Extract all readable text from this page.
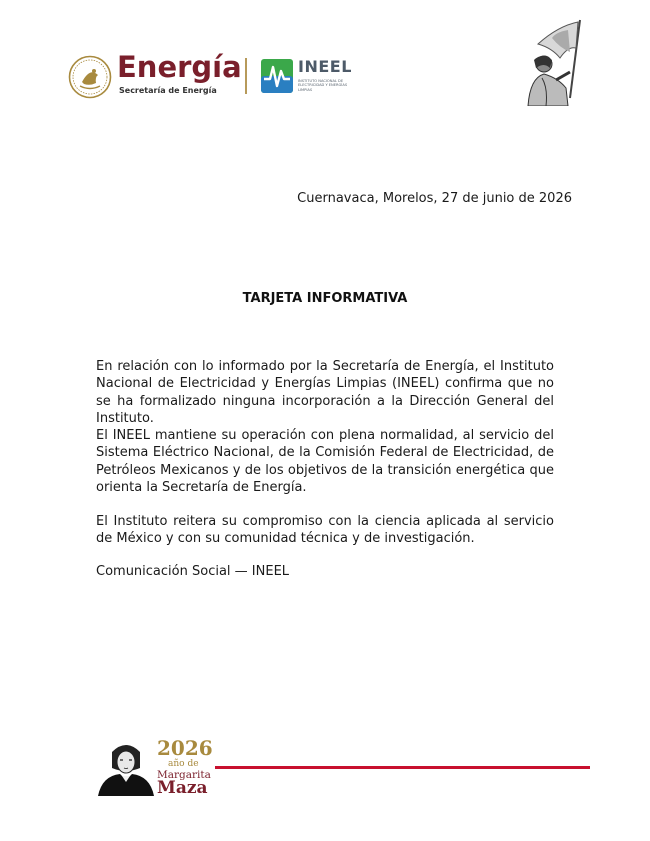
Energía
Secretaría de Energía
INEEL
INSTITUTO NACIONAL DE ELECTRICIDAD Y ENERGÍAS LIMPIAS
Cuernavaca, Morelos, 27 de junio de 2026
TARJETA INFORMATIVA

En relación con lo informado por la Secretaría de Energía, el Instituto Nacional de Electricidad y Energías Limpias (INEEL) confirma que no se ha formalizado ninguna incorporación a la Dirección General del Instituto.

El INEEL mantiene su operación con plena normalidad, al servicio del Sistema Eléctrico Nacional, de la Comisión Federal de Electricidad, de Petróleos Mexicanos y de los objetivos de la transición energética que orienta la Secretaría de Energía.

El Instituto reitera su compromiso con la ciencia aplicada al servicio de México y con su comunidad técnica y de investigación.

Comunicación Social — INEEL
2026
año de
Margarita
Maza
